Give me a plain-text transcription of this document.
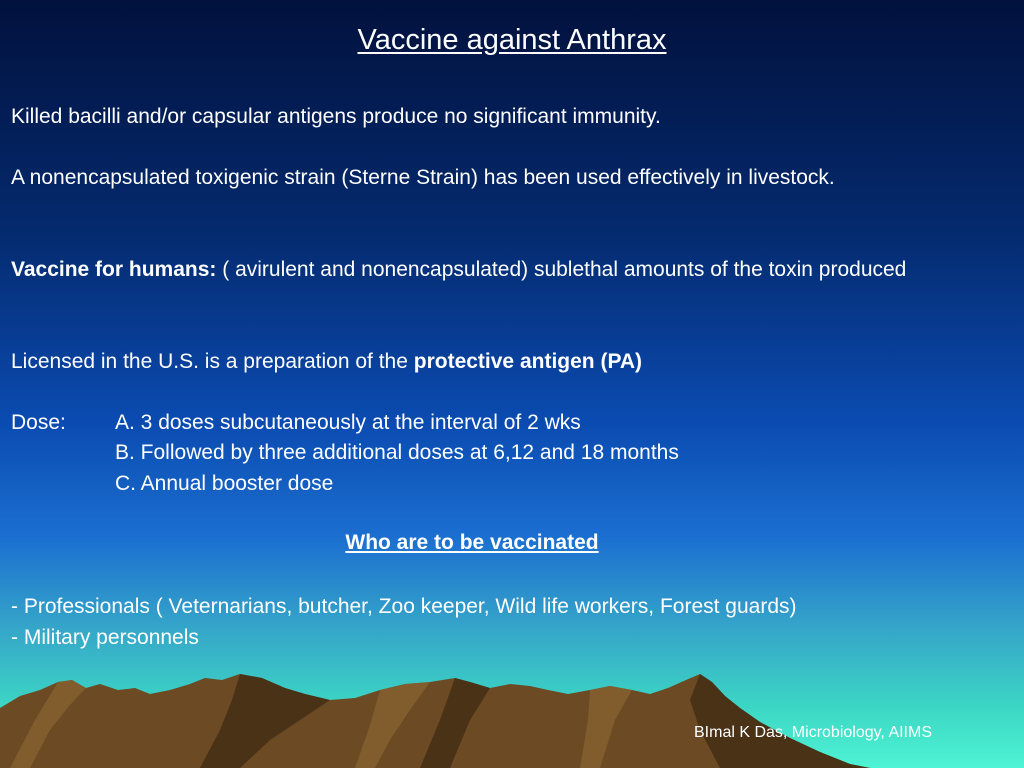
Vaccine against Anthrax
Killed bacilli and/or capsular antigens produce no significant immunity.
A nonencapsulated toxigenic strain (Sterne Strain) has been used effectively in livestock.
Vaccine for humans: ( avirulent and nonencapsulated) sublethal amounts of the toxin produced
Licensed in the U.S. is a preparation of the protective antigen (PA)
Dose: A. 3 doses subcutaneously at the interval of 2 wks
B. Followed by three additional doses at 6,12 and 18 months
C. Annual booster dose
Who are to be vaccinated
- Professionals ( Veternarians, butcher, Zoo keeper, Wild life workers, Forest guards)
- Military personnels
BImal K Das, Microbiology, AIIMS
